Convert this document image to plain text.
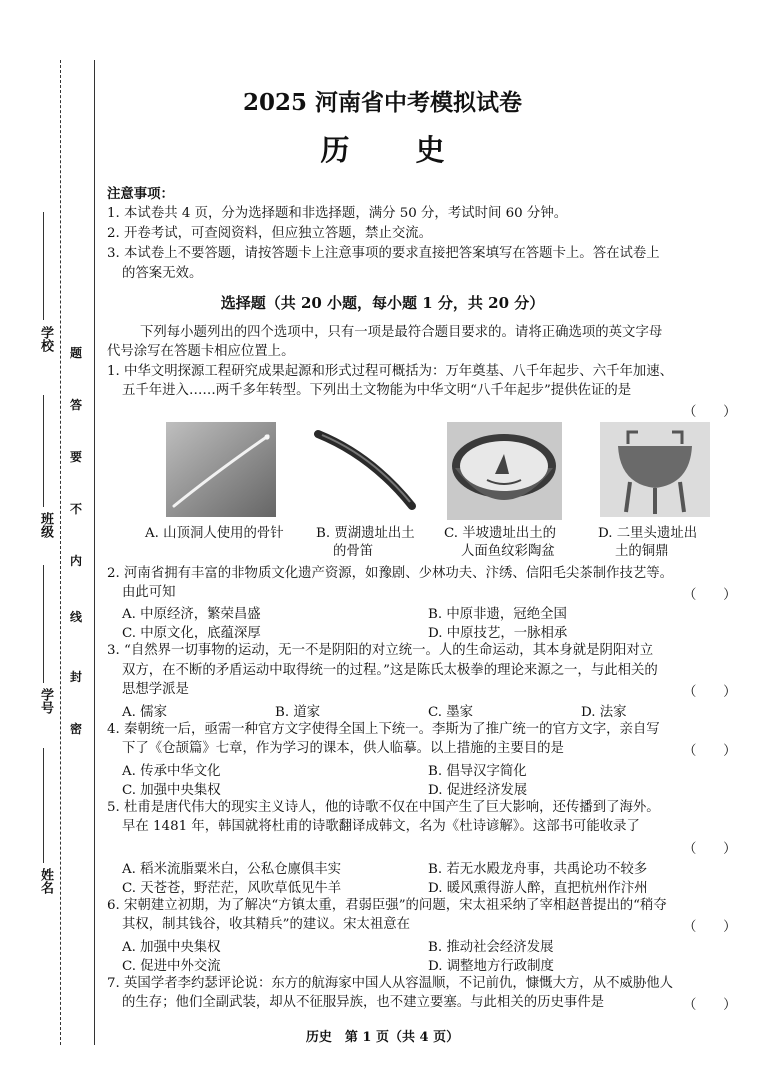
学校
班级
学号
姓名
密
封
线
内
不
要
答
题
2025 河南省中考模拟试卷
历 史
注意事项：
1. 本试卷共 4 页，分为选择题和非选择题，满分 50 分，考试时间 60 分钟。
2. 开卷考试，可查阅资料，但应独立答题，禁止交流。
3. 本试卷上不要答题，请按答题卡上注意事项的要求直接把答案填写在答题卡上。答在试卷上
的答案无效。
选择题（共 20 小题，每小题 1 分，共 20 分）
下列每小题列出的四个选项中，只有一项是最符合题目要求的。请将正确选项的英文字母
代号涂写在答题卡相应位置上。
1. 中华文明探源工程研究成果起源和形式过程可概括为：万年奠基、八千年起步、六千年加速、
五千年进入……两千多年转型。下列出土文物能为中华文明“八千年起步”提供佐证的是
（　　）
A. 山顶洞人使用的骨针 B. 贾湖遗址出土
的骨笛
C. 半坡遗址出土的
人面鱼纹彩陶盆
D. 二里头遗址出
土的铜鼎
2. 河南省拥有丰富的非物质文化遗产资源，如豫剧、少林功夫、汴绣、信阳毛尖茶制作技艺等。
由此可知	（　　）
A. 中原经济，繁荣昌盛	B. 中原非遗，冠绝全国
C. 中原文化，底蕴深厚	D. 中原技艺，一脉相承
3. “自然界一切事物的运动，无一不是阴阳的对立统一。人的生命运动，其本身就是阴阳对立
双方，在不断的矛盾运动中取得统一的过程。”这是陈氏太极拳的理论来源之一，与此相关的
思想学派是	（　　）
A. 儒家	B. 道家	C. 墨家	D. 法家
4. 秦朝统一后，亟需一种官方文字使得全国上下统一。李斯为了推广统一的官方文字，亲自写
下了《仓颉篇》七章，作为学习的课本，供人临摹。以上措施的主要目的是	（　　）
A. 传承中华文化	B. 倡导汉字简化
C. 加强中央集权	D. 促进经济发展
5. 杜甫是唐代伟大的现实主义诗人，他的诗歌不仅在中国产生了巨大影响，还传播到了海外。
早在 1481 年，韩国就将杜甫的诗歌翻译成韩文，名为《杜诗谚解》。这部书可能收录了
（　　）
A. 稻米流脂粟米白，公私仓廪俱丰实	B. 若无水殿龙舟事，共禹论功不较多
C. 天苍苍，野茫茫，风吹草低见牛羊	D. 暖风熏得游人醉，直把杭州作汴州
6. 宋朝建立初期，为了解决“方镇太重，君弱臣强”的问题，宋太祖采纳了宰相赵普提出的“稍夺
其权，制其钱谷，收其精兵”的建议。宋太祖意在	（　　）
A. 加强中央集权	B. 推动社会经济发展
C. 促进中外交流	D. 调整地方行政制度
7. 英国学者李约瑟评论说：东方的航海家中国人从容温顺，不记前仇，慷慨大方，从不威胁他人
的生存；他们全副武装，却从不征服异族，也不建立要塞。与此相关的历史事件是	（　　）
历史　第 1 页（共 4 页）
